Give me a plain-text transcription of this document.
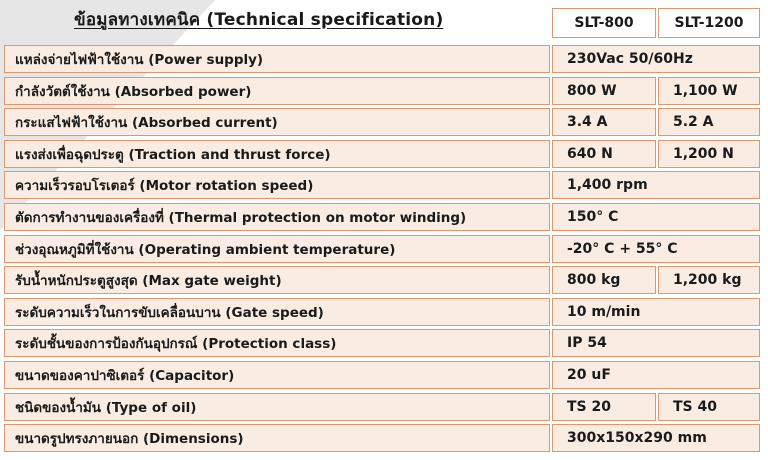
ข้อมูลทางเทคนิค (Technical specification)	SLT-800	SLT-1200
แหล่งจ่ายไฟฟ้าใช้งาน (Power supply)	230Vac 50/60Hz
กำลังวัตต์ใช้งาน (Absorbed power)	800 W	1,100 W
กระแสไฟฟ้าใช้งาน (Absorbed current)	3.4 A	5.2 A
แรงส่งเพื่อฉุดประตู (Traction and thrust force)	640 N	1,200 N
ความเร็วรอบโรเตอร์ (Motor rotation speed)	1,400 rpm
ตัดการทำงานของเครื่องที่ (Thermal protection on motor winding)	150° C
ช่วงอุณหภูมิที่ใช้งาน (Operating ambient temperature)	-20° C + 55° C
รับน้ำหนักประตูสูงสุด (Max gate weight)	800 kg	1,200 kg
ระดับความเร็วในการขับเคลื่อนบาน (Gate speed)	10 m/min
ระดับชั้นของการป้องกันอุปกรณ์ (Protection class)	IP 54
ขนาดของคาปาซิเตอร์ (Capacitor)	20 uF
ชนิดของน้ำมัน (Type of oil)	TS 20	TS 40
ขนาดรูปทรงภายนอก (Dimensions)	300x150x290 mm
